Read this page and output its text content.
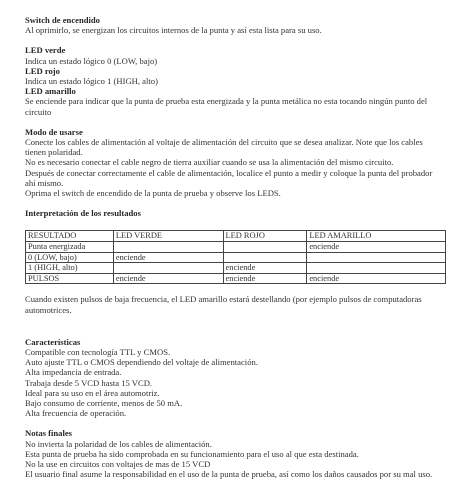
Switch de encendido
Al oprimirlo, se energizan los circuitos internos de la punta y así esta lista para su uso.
LED verde
Indica un estado lógico 0 (LOW, bajo)
LED rojo
Indica un estado lógico 1 (HIGH, alto)
LED amarillo
Se enciende para indicar que la punta de prueba esta energizada y la punta metálica no esta tocando ningún punto del
circuito
Modo de usarse
Conecte los cables de alimentación al voltaje de alimentación del circuito que se desea analizar. Note que los cables
tienen polaridad.
No es necesario conectar el cable negro de tierra auxiliar cuando se usa la alimentación del mismo circuito.
Después de conectar correctamente el cable de alimentación, localice el punto a medir y coloque la punta del probador
ahí mismo.
Oprima el switch de encendido de la punta de prueba y observe los LEDS.
Interpretación de los resultados
RESULTADO	LED VERDE	LED ROJO	LED AMARILLO
Punta energizada			enciende
0 (LOW, bajo)	enciende		
1 (HIGH, alto)		enciende	
PULSOS	enciende	enciende	enciende
Cuando existen pulsos de baja frecuencia, el LED amarillo estará destellando (por ejemplo pulsos de computadoras
automotrices.
Características
Compatible con tecnología TTL y CMOS.
Auto ajuste TTL o CMOS dependiendo del voltaje de alimentación.
Alta impedancia de entrada.
Trabaja desde 5 VCD hasta 15 VCD.
Ideal para su uso en el área automotriz.
Bajo consumo de corriente, menos de 50 mA.
Alta frecuencia de operación.
Notas finales
No invierta la polaridad de los cables de alimentación.
Esta punta de prueba ha sido comprobada en su funcionamiento para el uso al que esta destinada.
No la use en circuitos con voltajes de mas de 15 VCD
El usuario final asume la responsabilidad en el uso de la punta de prueba, así como los daños causados por su mal uso.
